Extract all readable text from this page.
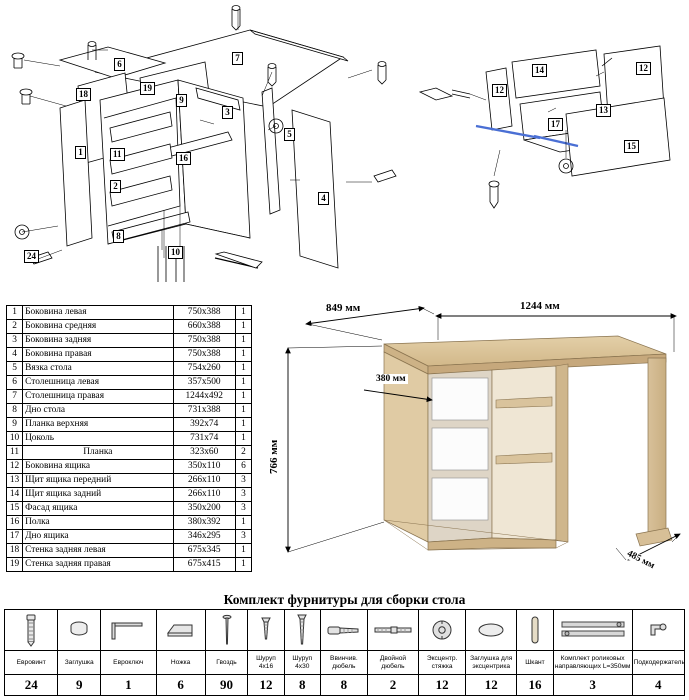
6
7
19
18
9
3
5
1	11	16
2
4
8
10
24
14	12
12
13
17
15
1	Боковина левая	750x388	1
2	Боковина средняя	660x388	1
3	Боковина задняя	750x388	1
4	Боковина правая	750x388	1
5	Вязка стола	754x260	1
6	Столешница левая	357x500	1
7	Столешница правая	1244x492	1
8	Дно стола	731x388	1
9	Планка верхняя	392x74	1
10	Цоколь	731x74	1
11	Планка	323x60	2
12	Боковина ящика	350x110	6
13	Щит ящика передний	266х110	3
14	Щит ящика задний	266х110	3
15	Фасад ящика	350x200	3
16	Полка	380x392	1
17	Дно ящика	346х295	3
18	Стенка задняя левая	675х345	1
19	Стенка задняя правая	675х415	1
1244 мм
849 мм
766 мм
380 мм
485 мм
Комплект фурнитуры для сборки стола

Евровинт	Заглушка	Евроключ	Ножка	Гвоздь	Шуруп 4х16	Шуруп 4х30	Ввинчив. дюбель	Двойной дюбель	Эксцентр. стяжка	Заглушка для эксцентрика	Шкант	Комплект роликовых направляющих L=350мм	Подкодержатель
24	9	1	6	90	12	8	8	2	12	12	16	3	4
